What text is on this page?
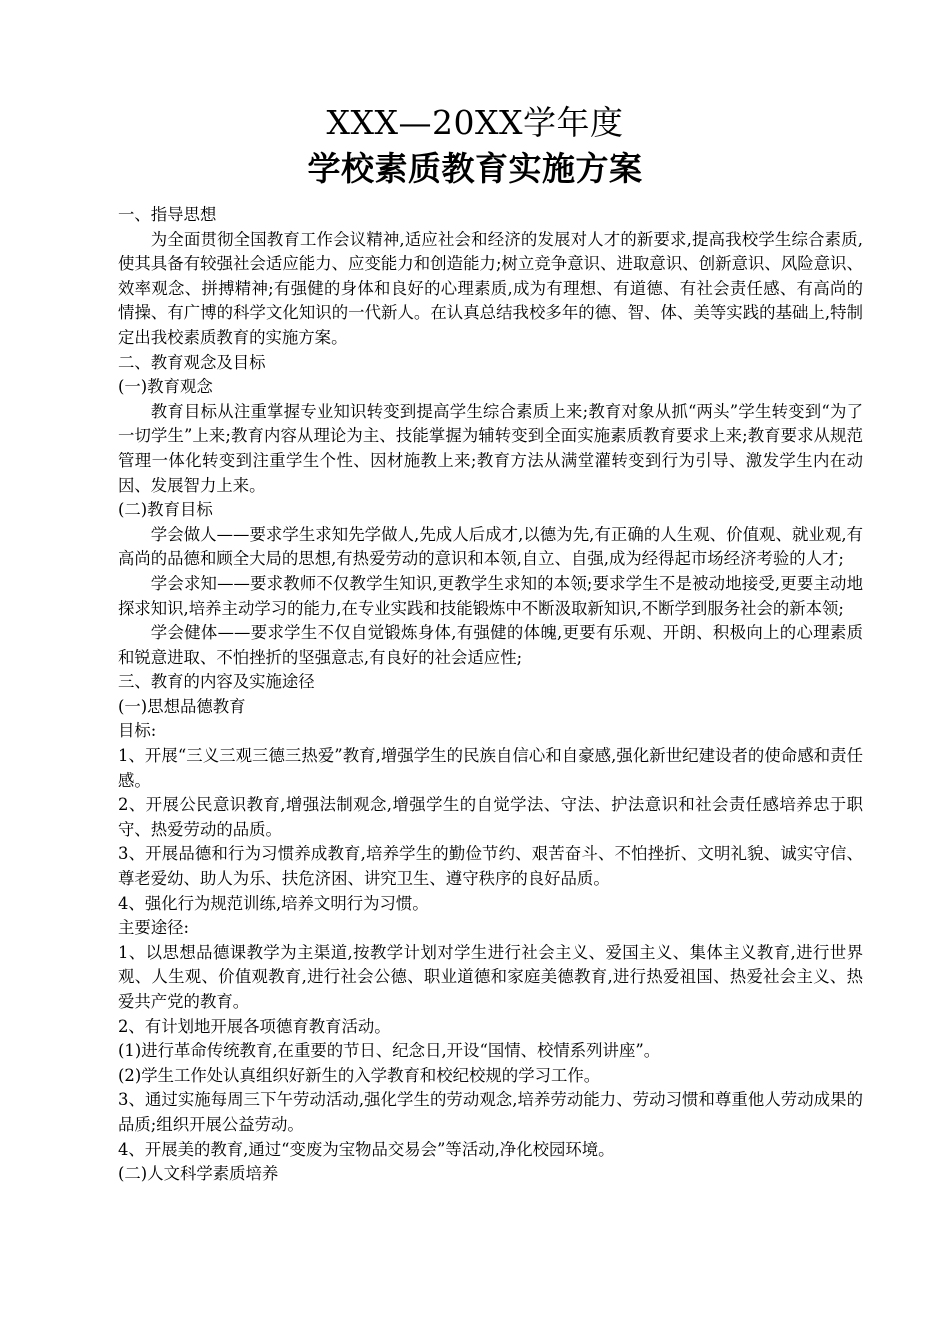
XXX—20XX学年度
学校素质教育实施方案

一、指导思想

为全面贯彻全国教育工作会议精神,适应社会和经济的发展对人才的新要求,提高我校学生综合素质,使其具备有较强社会适应能力、应变能力和创造能力;树立竞争意识、进取意识、创新意识、风险意识、效率观念、拼搏精神;有强健的身体和良好的心理素质,成为有理想、有道德、有社会责任感、有高尚的情操、有广博的科学文化知识的一代新人。在认真总结我校多年的德、智、体、美等实践的基础上,特制定出我校素质教育的实施方案。

二、教育观念及目标

(一)教育观念

教育目标从注重掌握专业知识转变到提高学生综合素质上来;教育对象从抓“两头”学生转变到“为了一切学生”上来;教育内容从理论为主、技能掌握为辅转变到全面实施素质教育要求上来;教育要求从规范管理一体化转变到注重学生个性、因材施教上来;教育方法从满堂灌转变到行为引导、激发学生内在动因、发展智力上来。

(二)教育目标

学会做人——要求学生求知先学做人,先成人后成才,以德为先,有正确的人生观、价值观、就业观,有高尚的品德和顾全大局的思想,有热爱劳动的意识和本领,自立、自强,成为经得起市场经济考验的人才;

学会求知——要求教师不仅教学生知识,更教学生求知的本领;要求学生不是被动地接受,更要主动地探求知识,培养主动学习的能力,在专业实践和技能锻炼中不断汲取新知识,不断学到服务社会的新本领;

学会健体——要求学生不仅自觉锻炼身体,有强健的体魄,更要有乐观、开朗、积极向上的心理素质和锐意进取、不怕挫折的坚强意志,有良好的社会适应性;

三、教育的内容及实施途径

(一)思想品德教育

目标:

1、开展“三义三观三德三热爱”教育,增强学生的民族自信心和自豪感,强化新世纪建设者的使命感和责任感。

2、开展公民意识教育,增强法制观念,增强学生的自觉学法、守法、护法意识和社会责任感培养忠于职守、热爱劳动的品质。

3、开展品德和行为习惯养成教育,培养学生的勤俭节约、艰苦奋斗、不怕挫折、文明礼貌、诚实守信、尊老爱幼、助人为乐、扶危济困、讲究卫生、遵守秩序的良好品质。

4、强化行为规范训练,培养文明行为习惯。

主要途径:

1、以思想品德课教学为主渠道,按教学计划对学生进行社会主义、爱国主义、集体主义教育,进行世界观、人生观、价值观教育,进行社会公德、职业道德和家庭美德教育,进行热爱祖国、热爱社会主义、热爱共产党的教育。

2、有计划地开展各项德育教育活动。

(1)进行革命传统教育,在重要的节日、纪念日,开设“国情、校情系列讲座”。

(2)学生工作处认真组织好新生的入学教育和校纪校规的学习工作。

3、通过实施每周三下午劳动活动,强化学生的劳动观念,培养劳动能力、劳动习惯和尊重他人劳动成果的品质;组织开展公益劳动。

4、开展美的教育,通过“变废为宝物品交易会”等活动,净化校园环境。

(二)人文科学素质培养
